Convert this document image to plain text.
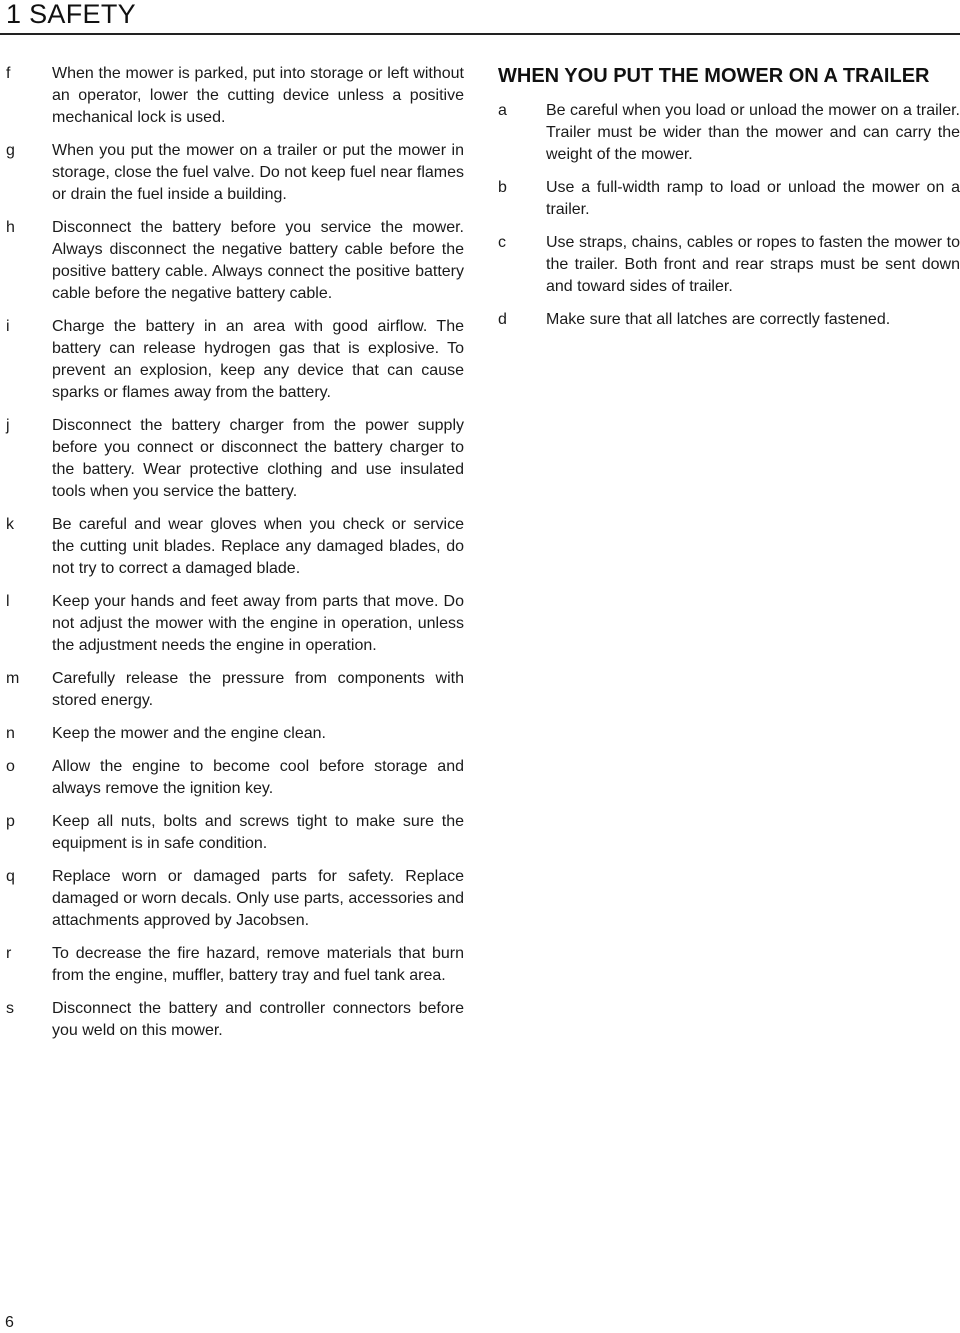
1 SAFETY
f	When the mower is parked, put into storage or left without an operator, lower the cutting device unless a positive mechanical lock is used.
g	When you put the mower on a trailer or put the mower in storage, close the fuel valve. Do not keep fuel near flames or drain the fuel inside a building.
h	Disconnect the battery before you service the mower. Always disconnect the negative battery cable before the positive battery cable. Always connect the positive battery cable before the negative battery cable.
i	Charge the battery in an area with good airflow. The battery can release hydrogen gas that is explosive. To prevent an explosion, keep any device that can cause sparks or flames away from the battery.
j	Disconnect the battery charger from the power supply before you connect or disconnect the battery charger to the battery. Wear protective clothing and use insulated tools when you service the battery.
k	Be careful and wear gloves when you check or service the cutting unit blades. Replace any damaged blades, do not try to correct a damaged blade.
l	Keep your hands and feet away from parts that move. Do not adjust the mower with the engine in operation, unless the adjustment needs the engine in operation.
m	Carefully release the pressure from components with stored energy.
n	Keep the mower and the engine clean.
o	Allow the engine to become cool before storage and always remove the ignition key.
p	Keep all nuts, bolts and screws tight to make sure the equipment is in safe condition.
q	Replace worn or damaged parts for safety. Replace damaged or worn decals. Only use parts, accessories and attachments approved by Jacobsen.
r	To decrease the fire hazard, remove materials that burn from the engine, muffler, battery tray and fuel tank area.
s	Disconnect the battery and controller connectors before you weld on this mower.
WHEN YOU PUT THE MOWER ON A TRAILER
a	Be careful when you load or unload the mower on a trailer. Trailer must be wider than the mower and can carry the weight of the mower.
b	Use a full-width ramp to load or unload the mower on a trailer.
c	Use straps, chains, cables or ropes to fasten the mower to the trailer. Both front and rear straps must be sent down and toward sides of trailer.
d	Make sure that all latches are correctly fastened.
6
